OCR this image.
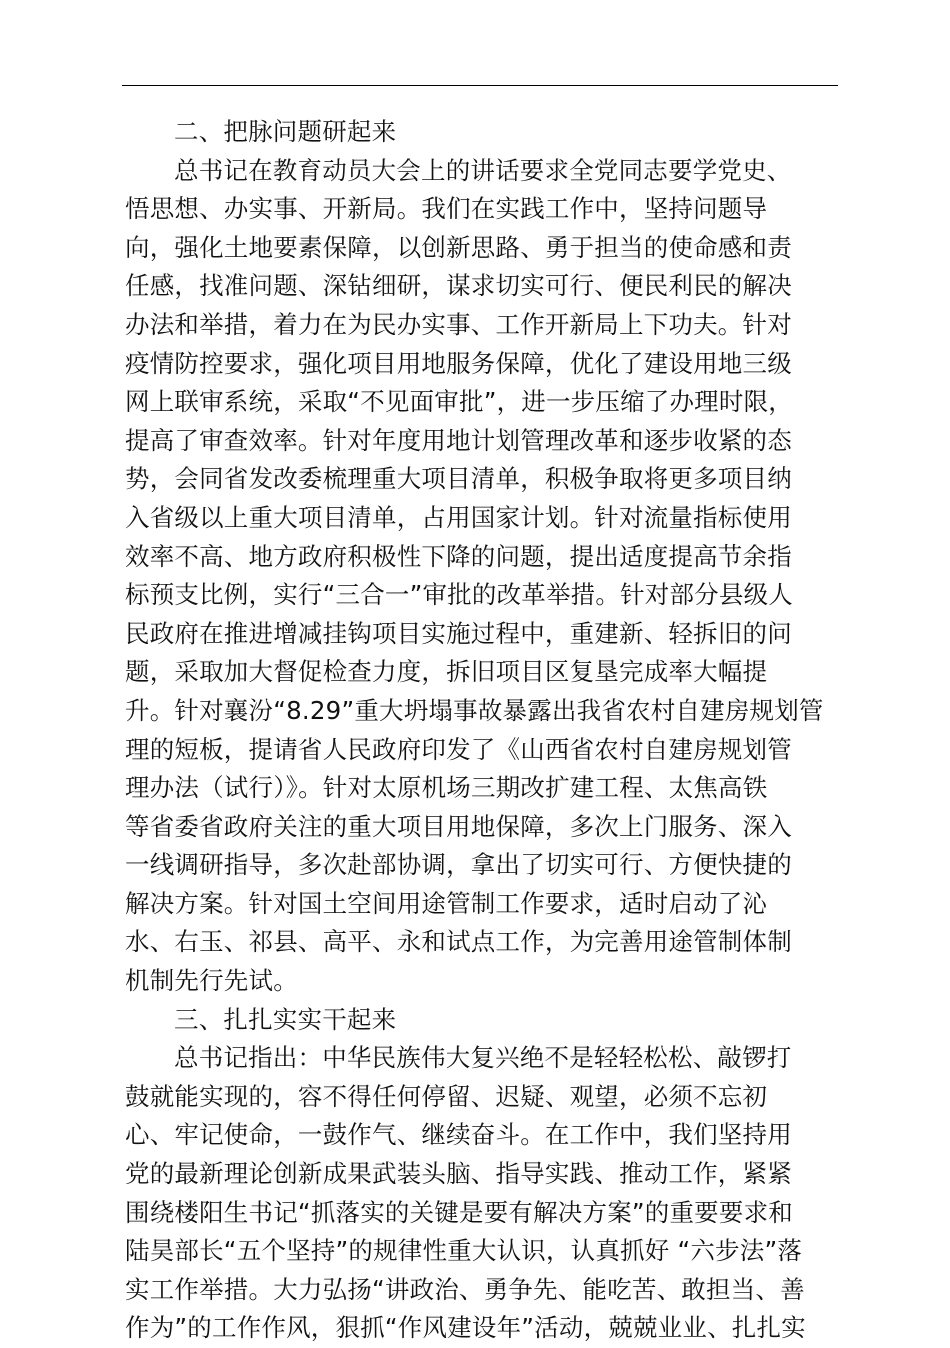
二、把脉问题研起来
总书记在教育动员大会上的讲话要求全党同志要学党史、
悟思想、办实事、开新局。我们在实践工作中，坚持问题导
向，强化土地要素保障，以创新思路、勇于担当的使命感和责
任感，找准问题、深钻细研，谋求切实可行、便民利民的解决
办法和举措，着力在为民办实事、工作开新局上下功夫。针对
疫情防控要求，强化项目用地服务保障，优化了建设用地三级
网上联审系统，采取“不见面审批”，进一步压缩了办理时限，
提高了审查效率。针对年度用地计划管理改革和逐步收紧的态
势，会同省发改委梳理重大项目清单，积极争取将更多项目纳
入省级以上重大项目清单，占用国家计划。针对流量指标使用
效率不高、地方政府积极性下降的问题，提出适度提高节余指
标预支比例，实行“三合一”审批的改革举措。针对部分县级人
民政府在推进增减挂钩项目实施过程中，重建新、轻拆旧的问
题，采取加大督促检查力度，拆旧项目区复垦完成率大幅提
升。针对襄汾“8.29”重大坍塌事故暴露出我省农村自建房规划管
理的短板，提请省人民政府印发了《山西省农村自建房规划管
理办法（试行）》。针对太原机场三期改扩建工程、太焦高铁
等省委省政府关注的重大项目用地保障，多次上门服务、深入
一线调研指导，多次赴部协调，拿出了切实可行、方便快捷的
解决方案。针对国土空间用途管制工作要求，适时启动了沁
水、右玉、祁县、高平、永和试点工作，为完善用途管制体制
机制先行先试。
三、扎扎实实干起来
总书记指出：中华民族伟大复兴绝不是轻轻松松、敲锣打
鼓就能实现的，容不得任何停留、迟疑、观望，必须不忘初
心、牢记使命，一鼓作气、继续奋斗。在工作中，我们坚持用
党的最新理论创新成果武装头脑、指导实践、推动工作，紧紧
围绕楼阳生书记“抓落实的关键是要有解决方案”的重要要求和
陆昊部长“五个坚持”的规律性重大认识，认真抓好 “六步法”落
实工作举措。大力弘扬“讲政治、勇争先、能吃苦、敢担当、善
作为”的工作作风，狠抓“作风建设年”活动，兢兢业业、扎扎实
